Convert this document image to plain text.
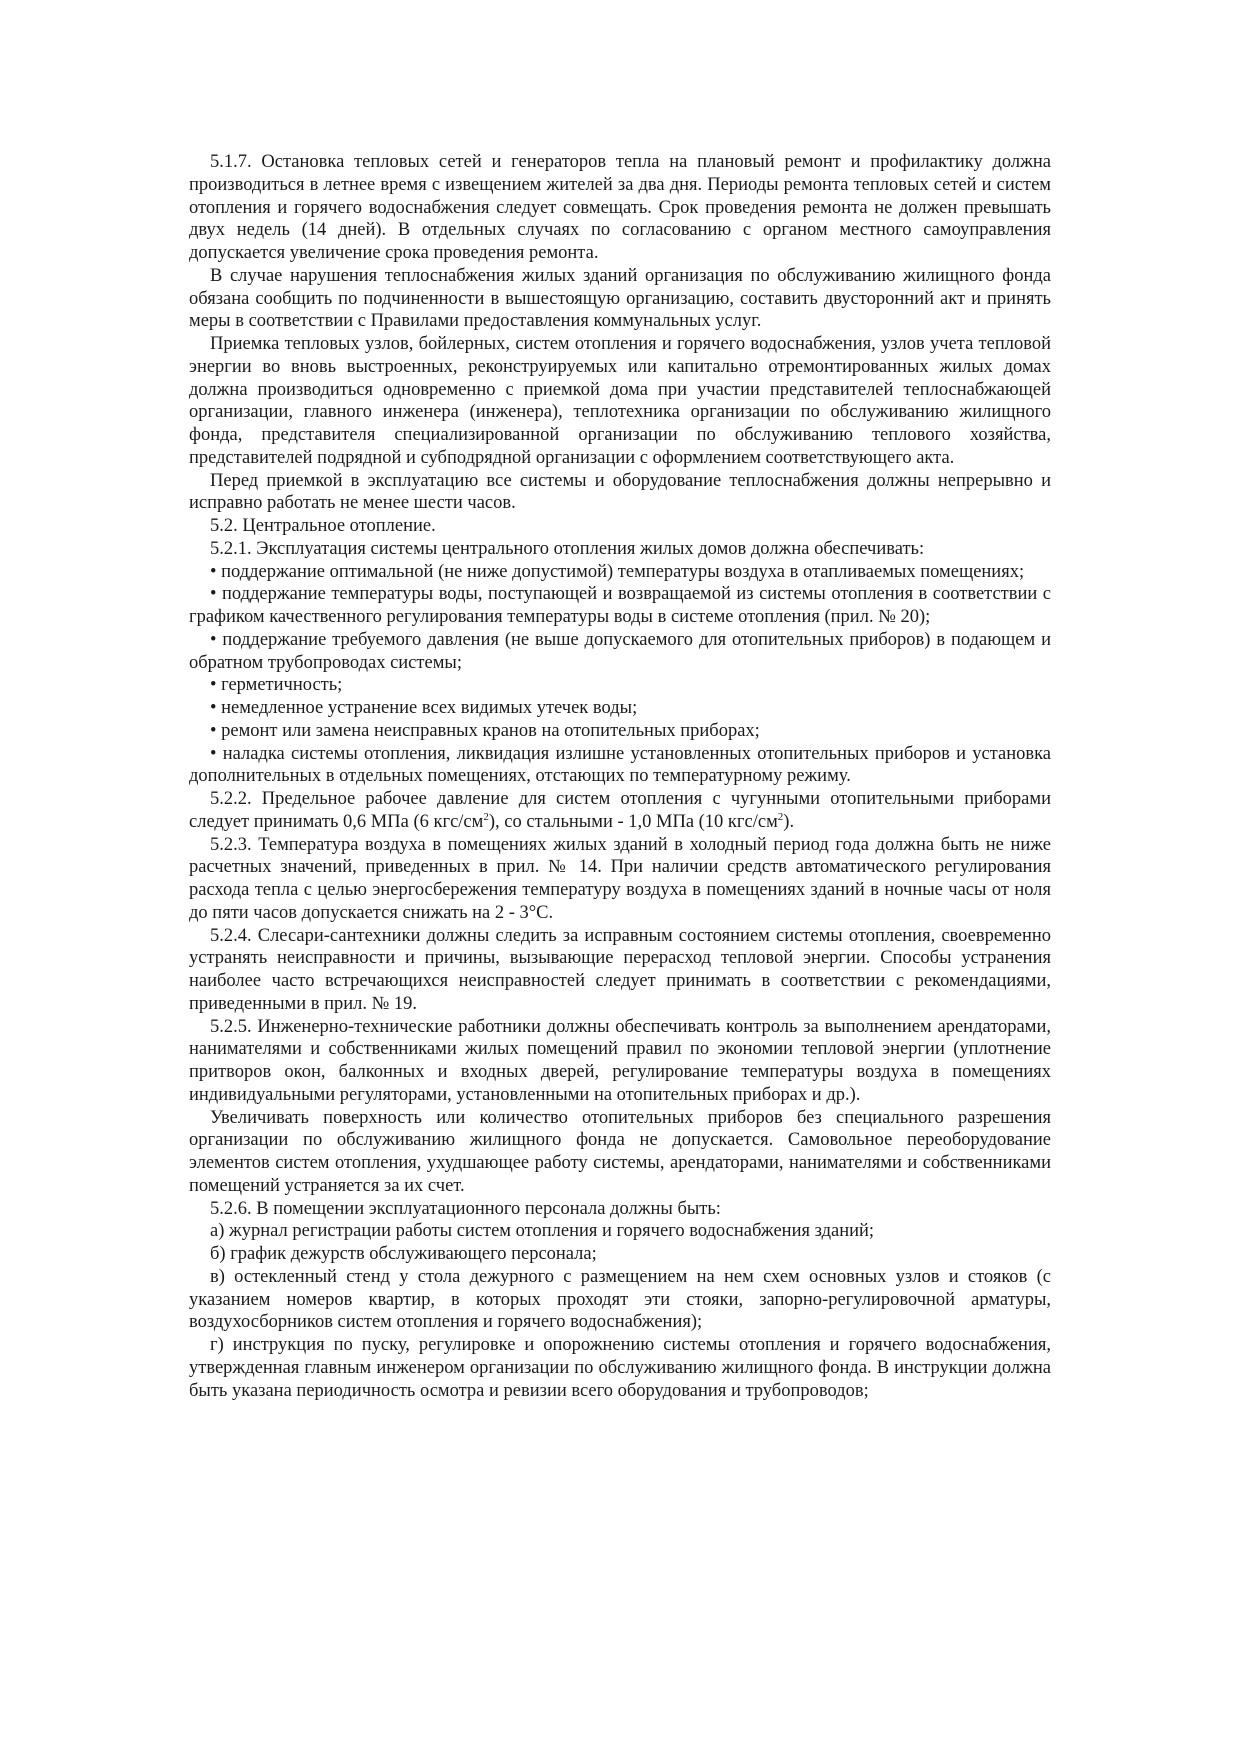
5.1.7. Остановка тепловых сетей и генераторов тепла на плановый ремонт и профилактику должна производиться в летнее время с извещением жителей за два дня. Периоды ремонта тепловых сетей и систем отопления и горячего водоснабжения следует совмещать. Срок проведения ремонта не должен превышать двух недель (14 дней). В отдельных случаях по согласованию с органом местного самоуправления допускается увеличение срока проведения ремонта.

В случае нарушения теплоснабжения жилых зданий организация по обслуживанию жилищного фонда обязана сообщить по подчиненности в вышестоящую организацию, составить двусторонний акт и принять меры в соответствии с Правилами предоставления коммунальных услуг.

Приемка тепловых узлов, бойлерных, систем отопления и горячего водоснабжения, узлов учета тепловой энергии во вновь выстроенных, реконструируемых или капитально отремонтированных жилых домах должна производиться одновременно с приемкой дома при участии представителей теплоснабжающей организации, главного инженера (инженера), теплотехника организации по обслуживанию жилищного фонда, представителя специализированной организации по обслуживанию теплового хозяйства, представителей подрядной и субподрядной организации с оформлением соответствующего акта.

Перед приемкой в эксплуатацию все системы и оборудование теплоснабжения должны непрерывно и исправно работать не менее шести часов.

5.2. Центральное отопление.

5.2.1. Эксплуатация системы центрального отопления жилых домов должна обеспечивать:

• поддержание оптимальной (не ниже допустимой) температуры воздуха в отапливаемых помещениях;

• поддержание температуры воды, поступающей и возвращаемой из системы отопления в соответствии с графиком качественного регулирования температуры воды в системе отопления (прил. № 20);

• поддержание требуемого давления (не выше допускаемого для отопительных приборов) в подающем и обратном трубопроводах системы;

• герметичность;

• немедленное устранение всех видимых утечек воды;

• ремонт или замена неисправных кранов на отопительных приборах;

• наладка системы отопления, ликвидация излишне установленных отопительных приборов и установка дополнительных в отдельных помещениях, отстающих по температурному режиму.

5.2.2. Предельное рабочее давление для систем отопления с чугунными отопительными приборами следует принимать 0,6 МПа (6 кгс/$см^2$), со стальными - 1,0 МПа (10 кгс/$см^2$).

5.2.3. Температура воздуха в помещениях жилых зданий в холодный период года должна быть не ниже расчетных значений, приведенных в прил. № 14. При наличии средств автоматического регулирования расхода тепла с целью энергосбережения температуру воздуха в помещениях зданий в ночные часы от ноля до пяти часов допускается снижать на 2 - 3°С.

5.2.4. Слесари-сантехники должны следить за исправным состоянием системы отопления, своевременно устранять неисправности и причины, вызывающие перерасход тепловой энергии. Способы устранения наиболее часто встречающихся неисправностей следует принимать в соответствии с рекомендациями, приведенными в прил. № 19.

5.2.5. Инженерно-технические работники должны обеспечивать контроль за выполнением арендаторами, нанимателями и собственниками жилых помещений правил по экономии тепловой энергии (уплотнение притворов окон, балконных и входных дверей, регулирование температуры воздуха в помещениях индивидуальными регуляторами, установленными на отопительных приборах и др.).

Увеличивать поверхность или количество отопительных приборов без специального разрешения организации по обслуживанию жилищного фонда не допускается. Самовольное переоборудование элементов систем отопления, ухудшающее работу системы, арендаторами, нанимателями и собственниками помещений устраняется за их счет.

5.2.6. В помещении эксплуатационного персонала должны быть:

а) журнал регистрации работы систем отопления и горячего водоснабжения зданий;

б) график дежурств обслуживающего персонала;

в) остекленный стенд у стола дежурного с размещением на нем схем основных узлов и стояков (с указанием номеров квартир, в которых проходят эти стояки, запорно-регулировочной арматуры, воздухосборников систем отопления и горячего водоснабжения);

г) инструкция по пуску, регулировке и опорожнению системы отопления и горячего водоснабжения, утвержденная главным инженером организации по обслуживанию жилищного фонда. В инструкции должна быть указана периодичность осмотра и ревизии всего оборудования и трубопроводов;
